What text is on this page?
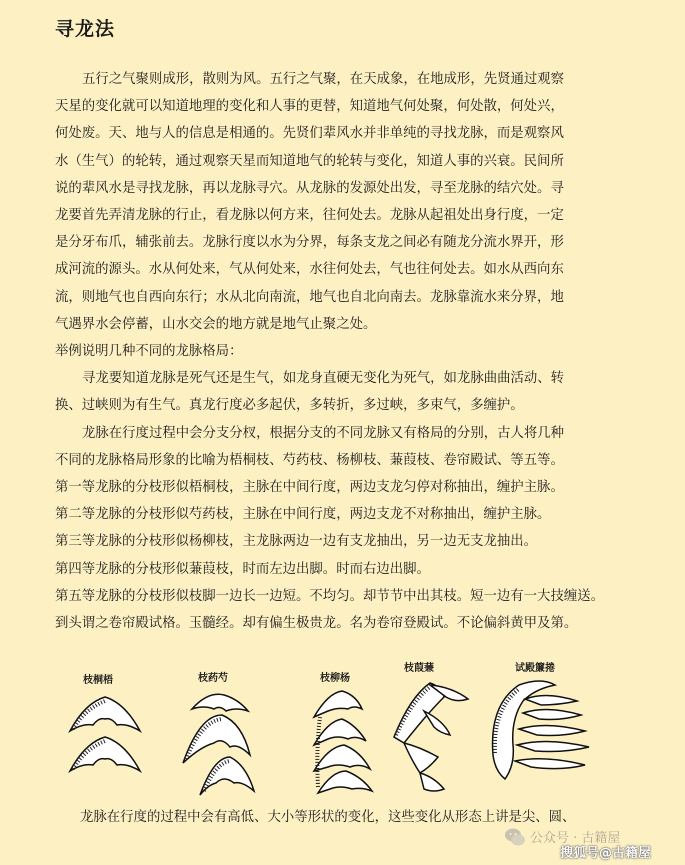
寻龙法

五行之气聚则成形，散则为风。五行之气聚，在天成象，在地成形，先贤通过观察

天星的变化就可以知道地理的变化和人事的更替，知道地气何处聚，何处散，何处兴，

何处废。天、地与人的信息是相通的。先贤们辈风水并非单纯的寻找龙脉，而是观察风

水（生气）的轮转，通过观察天星而知道地气的轮转与变化，知道人事的兴衰。民间所

说的辈风水是寻找龙脉，再以龙脉寻穴。从龙脉的发源处出发，寻至龙脉的结穴处。寻

龙要首先弄清龙脉的行止，看龙脉以何方来，往何处去。龙脉从起祖处出身行度，一定

是分牙布爪，辅张前去。龙脉行度以水为分界，每条支龙之间必有随龙分流水界开，形

成河流的源头。水从何处来，气从何处来，水往何处去，气也往何处去。如水从西向东

流，则地气也自西向东行；水从北向南流，地气也自北向南去。龙脉靠流水来分界，地

气遇界水会停蓄，山水交会的地方就是地气止聚之处。

举例说明几种不同的龙脉格局：

寻龙要知道龙脉是死气还是生气，如龙身直硬无变化为死气，如龙脉曲曲活动、转

换、过峡则为有生气。真龙行度必多起伏，多转折，多过峡，多束气，多缠护。

龙脉在行度过程中会分支分杈，根据分支的不同龙脉又有格局的分别，古人将几种

不同的龙脉格局形象的比喻为梧桐枝、芍药枝、杨柳枝、蒹葭枝、卷帘殿试、等五等。

第一等龙脉的分枝形似梧桐枝，主脉在中间行度，两边支龙匀停对称抽出，缠护主脉。

第二等龙脉的分枝形似芍药枝，主脉在中间行度，两边支龙不对称抽出，缠护主脉。

第三等龙脉的分枝形似杨柳枝，主龙脉两边一边有支龙抽出，另一边无支龙抽出。

第四等龙脉的分枝形似蒹葭枝，时而左边出脚。时而右边出脚。

第五等龙脉的分枝形似枝脚一边长一边短。不均匀。却节节中出其枝。短一边有一大技缠送。

到头谓之卷帘殿试格。玉髓经。却有偏生极贵龙。名为卷帘登殿试。不论偏斜黄甲及第。

枝桐梧	枝药芍	枝柳杨
枝葭蒹	试殿簾捲
龙脉在行度的过程中会有高低、大小等形状的变化，这些变化从形态上讲是尖、圆、
公众号 · 古籍屋
搜狐号@古籍屋
